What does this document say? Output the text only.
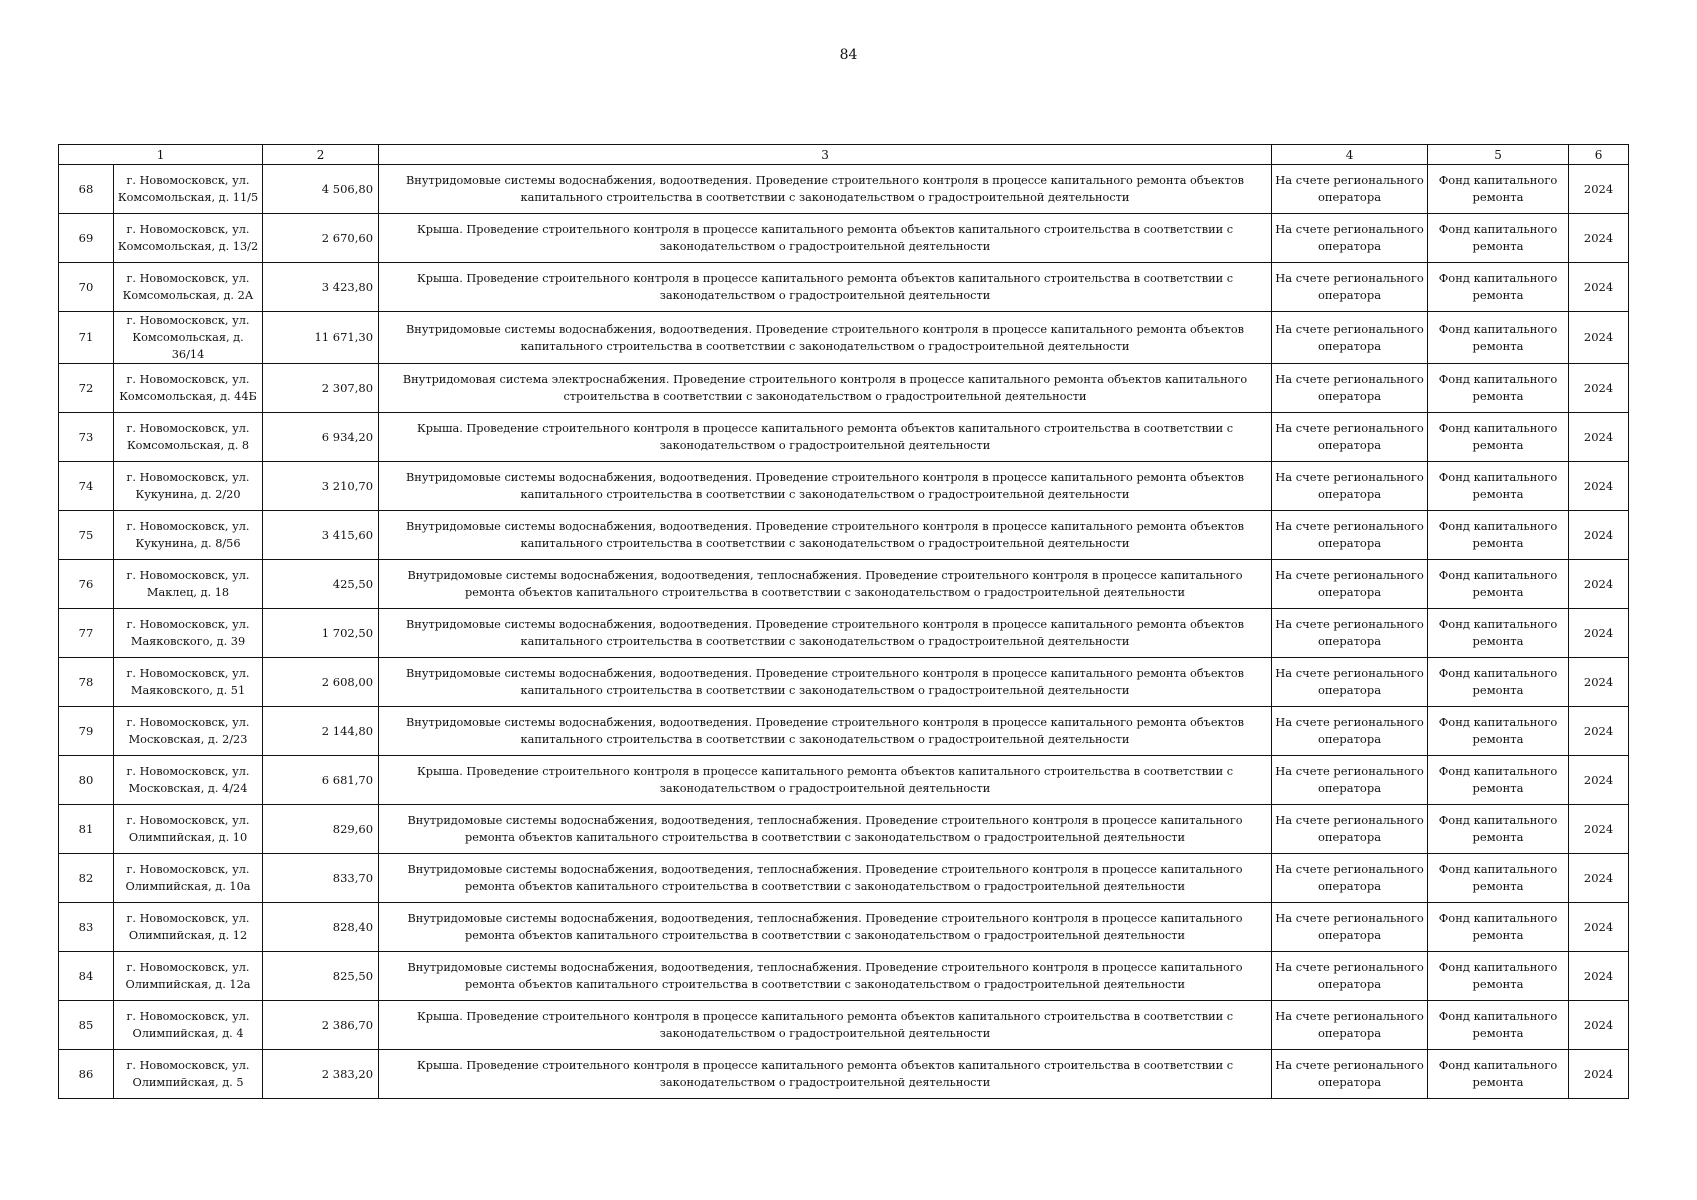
84
1		2	3	4	5	6
68	г. Новомосковск, ул. Комсомольская, д. 11/5	4 506,80	Внутридомовые системы водоснабжения, водоотведения. Проведение строительного контроля в процессе капитального ремонта объектов капитального строительства в соответствии с законодательством о градостроительной деятельности	На счете регионального оператора	Фонд капитального ремонта	2024
69	г. Новомосковск, ул. Комсомольская, д. 13/2	2 670,60	Крыша. Проведение строительного контроля в процессе капитального ремонта объектов капитального строительства в соответствии с законодательством о градостроительной деятельности	На счете регионального оператора	Фонд капитального ремонта	2024
70	г. Новомосковск, ул. Комсомольская, д. 2А	3 423,80	Крыша. Проведение строительного контроля в процессе капитального ремонта объектов капитального строительства в соответствии с законодательством о градостроительной деятельности	На счете регионального оператора	Фонд капитального ремонта	2024
71	г. Новомосковск, ул. Комсомольская, д. 36/14	11 671,30	Внутридомовые системы водоснабжения, водоотведения. Проведение строительного контроля в процессе капитального ремонта объектов капитального строительства в соответствии с законодательством о градостроительной деятельности	На счете регионального оператора	Фонд капитального ремонта	2024
72	г. Новомосковск, ул. Комсомольская, д. 44Б	2 307,80	Внутридомовая система электроснабжения. Проведение строительного контроля в процессе капитального ремонта объектов капитального строительства в соответствии с законодательством о градостроительной деятельности	На счете регионального оператора	Фонд капитального ремонта	2024
73	г. Новомосковск, ул. Комсомольская, д. 8	6 934,20	Крыша. Проведение строительного контроля в процессе капитального ремонта объектов капитального строительства в соответствии с законодательством о градостроительной деятельности	На счете регионального оператора	Фонд капитального ремонта	2024
74	г. Новомосковск, ул. Кукунина, д. 2/20	3 210,70	Внутридомовые системы водоснабжения, водоотведения. Проведение строительного контроля в процессе капитального ремонта объектов капитального строительства в соответствии с законодательством о градостроительной деятельности	На счете регионального оператора	Фонд капитального ремонта	2024
75	г. Новомосковск, ул. Кукунина, д. 8/56	3 415,60	Внутридомовые системы водоснабжения, водоотведения. Проведение строительного контроля в процессе капитального ремонта объектов капитального строительства в соответствии с законодательством о градостроительной деятельности	На счете регионального оператора	Фонд капитального ремонта	2024
76	г. Новомосковск, ул. Маклец, д. 18	425,50	Внутридомовые системы водоснабжения, водоотведения, теплоснабжения. Проведение строительного контроля в процессе капитального ремонта объектов капитального строительства в соответствии с законодательством о градостроительной деятельности	На счете регионального оператора	Фонд капитального ремонта	2024
77	г. Новомосковск, ул. Маяковского, д. 39	1 702,50	Внутридомовые системы водоснабжения, водоотведения. Проведение строительного контроля в процессе капитального ремонта объектов капитального строительства в соответствии с законодательством о градостроительной деятельности	На счете регионального оператора	Фонд капитального ремонта	2024
78	г. Новомосковск, ул. Маяковского, д. 51	2 608,00	Внутридомовые системы водоснабжения, водоотведения. Проведение строительного контроля в процессе капитального ремонта объектов капитального строительства в соответствии с законодательством о градостроительной деятельности	На счете регионального оператора	Фонд капитального ремонта	2024
79	г. Новомосковск, ул. Московская, д. 2/23	2 144,80	Внутридомовые системы водоснабжения, водоотведения. Проведение строительного контроля в процессе капитального ремонта объектов капитального строительства в соответствии с законодательством о градостроительной деятельности	На счете регионального оператора	Фонд капитального ремонта	2024
80	г. Новомосковск, ул. Московская, д. 4/24	6 681,70	Крыша. Проведение строительного контроля в процессе капитального ремонта объектов капитального строительства в соответствии с законодательством о градостроительной деятельности	На счете регионального оператора	Фонд капитального ремонта	2024
81	г. Новомосковск, ул. Олимпийская, д. 10	829,60	Внутридомовые системы водоснабжения, водоотведения, теплоснабжения. Проведение строительного контроля в процессе капитального ремонта объектов капитального строительства в соответствии с законодательством о градостроительной деятельности	На счете регионального оператора	Фонд капитального ремонта	2024
82	г. Новомосковск, ул. Олимпийская, д. 10а	833,70	Внутридомовые системы водоснабжения, водоотведения, теплоснабжения. Проведение строительного контроля в процессе капитального ремонта объектов капитального строительства в соответствии с законодательством о градостроительной деятельности	На счете регионального оператора	Фонд капитального ремонта	2024
83	г. Новомосковск, ул. Олимпийская, д. 12	828,40	Внутридомовые системы водоснабжения, водоотведения, теплоснабжения. Проведение строительного контроля в процессе капитального ремонта объектов капитального строительства в соответствии с законодательством о градостроительной деятельности	На счете регионального оператора	Фонд капитального ремонта	2024
84	г. Новомосковск, ул. Олимпийская, д. 12а	825,50	Внутридомовые системы водоснабжения, водоотведения, теплоснабжения. Проведение строительного контроля в процессе капитального ремонта объектов капитального строительства в соответствии с законодательством о градостроительной деятельности	На счете регионального оператора	Фонд капитального ремонта	2024
85	г. Новомосковск, ул. Олимпийская, д. 4	2 386,70	Крыша. Проведение строительного контроля в процессе капитального ремонта объектов капитального строительства в соответствии с законодательством о градостроительной деятельности	На счете регионального оператора	Фонд капитального ремонта	2024
86	г. Новомосковск, ул. Олимпийская, д. 5	2 383,20	Крыша. Проведение строительного контроля в процессе капитального ремонта объектов капитального строительства в соответствии с законодательством о градостроительной деятельности	На счете регионального оператора	Фонд капитального ремонта	2024
